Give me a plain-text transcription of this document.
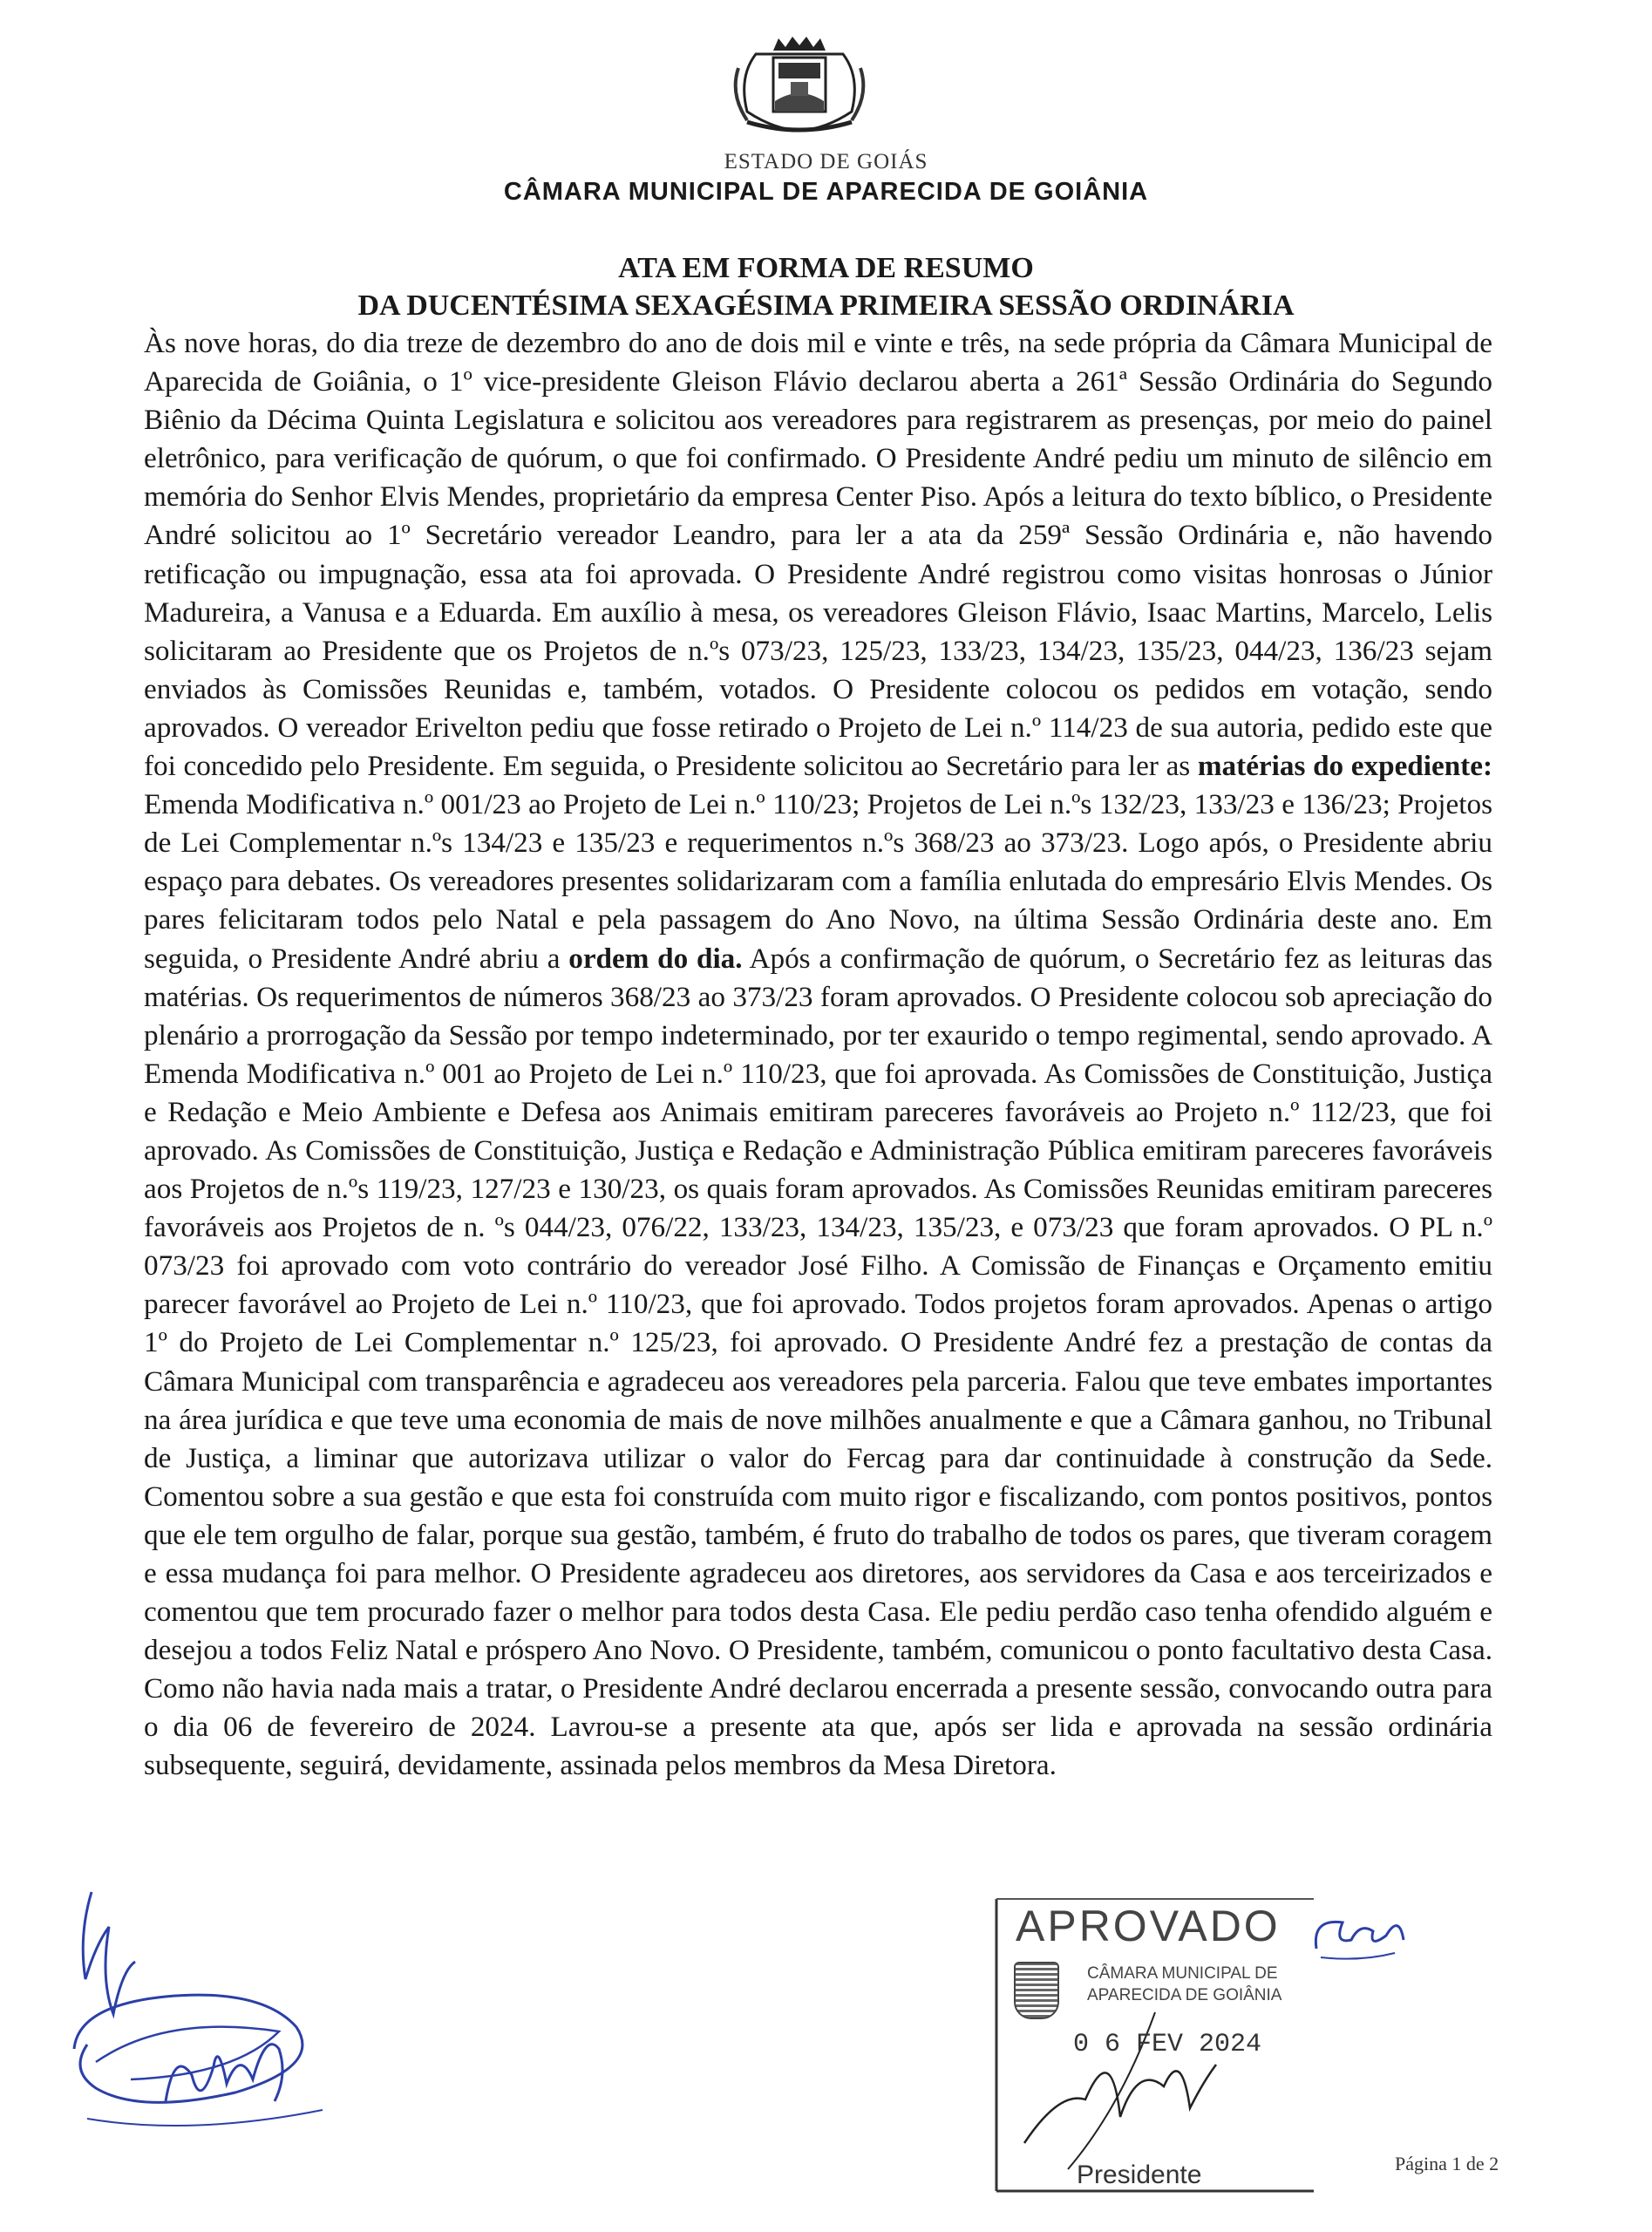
ESTADO DE GOIÁS
CÂMARA MUNICIPAL DE APARECIDA DE GOIÂNIA
ATA EM FORMA DE RESUMO
DA DUCENTÉSIMA SEXAGÉSIMA PRIMEIRA SESSÃO ORDINÁRIA
Às nove horas, do dia treze de dezembro do ano de dois mil e vinte e três, na sede própria da Câmara Municipal de Aparecida de Goiânia, o 1º vice-presidente Gleison Flávio declarou aberta a 261ª Sessão Ordinária do Segundo Biênio da Décima Quinta Legislatura e solicitou aos vereadores para registrarem as presenças, por meio do painel eletrônico, para verificação de quórum, o que foi confirmado. O Presidente André pediu um minuto de silêncio em memória do Senhor Elvis Mendes, proprietário da empresa Center Piso. Após a leitura do texto bíblico, o Presidente André solicitou ao 1º Secretário vereador Leandro, para ler a ata da 259ª Sessão Ordinária e, não havendo retificação ou impugnação, essa ata foi aprovada. O Presidente André registrou como visitas honrosas o Júnior Madureira, a Vanusa e a Eduarda. Em auxílio à mesa, os vereadores Gleison Flávio, Isaac Martins, Marcelo, Lelis solicitaram ao Presidente que os Projetos de n.ºs 073/23, 125/23, 133/23, 134/23, 135/23, 044/23, 136/23 sejam enviados às Comissões Reunidas e, também, votados. O Presidente colocou os pedidos em votação, sendo aprovados. O vereador Erivelton pediu que fosse retirado o Projeto de Lei n.º 114/23 de sua autoria, pedido este que foi concedido pelo Presidente. Em seguida, o Presidente solicitou ao Secretário para ler as matérias do expediente: Emenda Modificativa n.º 001/23 ao Projeto de Lei n.º 110/23; Projetos de Lei n.ºs 132/23, 133/23 e 136/23; Projetos de Lei Complementar n.ºs 134/23 e 135/23 e requerimentos n.ºs 368/23 ao 373/23. Logo após, o Presidente abriu espaço para debates. Os vereadores presentes solidarizaram com a família enlutada do empresário Elvis Mendes. Os pares felicitaram todos pelo Natal e pela passagem do Ano Novo, na última Sessão Ordinária deste ano. Em seguida, o Presidente André abriu a ordem do dia. Após a confirmação de quórum, o Secretário fez as leituras das matérias. Os requerimentos de números 368/23 ao 373/23 foram aprovados. O Presidente colocou sob apreciação do plenário a prorrogação da Sessão por tempo indeterminado, por ter exaurido o tempo regimental, sendo aprovado. A Emenda Modificativa n.º 001 ao Projeto de Lei n.º 110/23, que foi aprovada. As Comissões de Constituição, Justiça e Redação e Meio Ambiente e Defesa aos Animais emitiram pareceres favoráveis ao Projeto n.º 112/23, que foi aprovado. As Comissões de Constituição, Justiça e Redação e Administração Pública emitiram pareceres favoráveis aos Projetos de n.ºs 119/23, 127/23 e 130/23, os quais foram aprovados. As Comissões Reunidas emitiram pareceres favoráveis aos Projetos de n. ºs 044/23, 076/22, 133/23, 134/23, 135/23, e 073/23 que foram aprovados. O PL n.º 073/23 foi aprovado com voto contrário do vereador José Filho. A Comissão de Finanças e Orçamento emitiu parecer favorável ao Projeto de Lei n.º 110/23, que foi aprovado. Todos projetos foram aprovados. Apenas o artigo 1º do Projeto de Lei Complementar n.º 125/23, foi aprovado. O Presidente André fez a prestação de contas da Câmara Municipal com transparência e agradeceu aos vereadores pela parceria. Falou que teve embates importantes na área jurídica e que teve uma economia de mais de nove milhões anualmente e que a Câmara ganhou, no Tribunal de Justiça, a liminar que autorizava utilizar o valor do Fercag para dar continuidade à construção da Sede. Comentou sobre a sua gestão e que esta foi construída com muito rigor e fiscalizando, com pontos positivos, pontos que ele tem orgulho de falar, porque sua gestão, também, é fruto do trabalho de todos os pares, que tiveram coragem e essa mudança foi para melhor. O Presidente agradeceu aos diretores, aos servidores da Casa e aos terceirizados e comentou que tem procurado fazer o melhor para todos desta Casa. Ele pediu perdão caso tenha ofendido alguém e desejou a todos Feliz Natal e próspero Ano Novo. O Presidente, também, comunicou o ponto facultativo desta Casa. Como não havia nada mais a tratar, o Presidente André declarou encerrada a presente sessão, convocando outra para o dia 06 de fevereiro de 2024. Lavrou-se a presente ata que, após ser lida e aprovada na sessão ordinária subsequente, seguirá, devidamente, assinada pelos membros da Mesa Diretora.
APROVADO
CÂMARA MUNICIPAL DE
APARECIDA DE GOIÂNIA
0 6 FEV 2024
Presidente	Página 1 de 2
